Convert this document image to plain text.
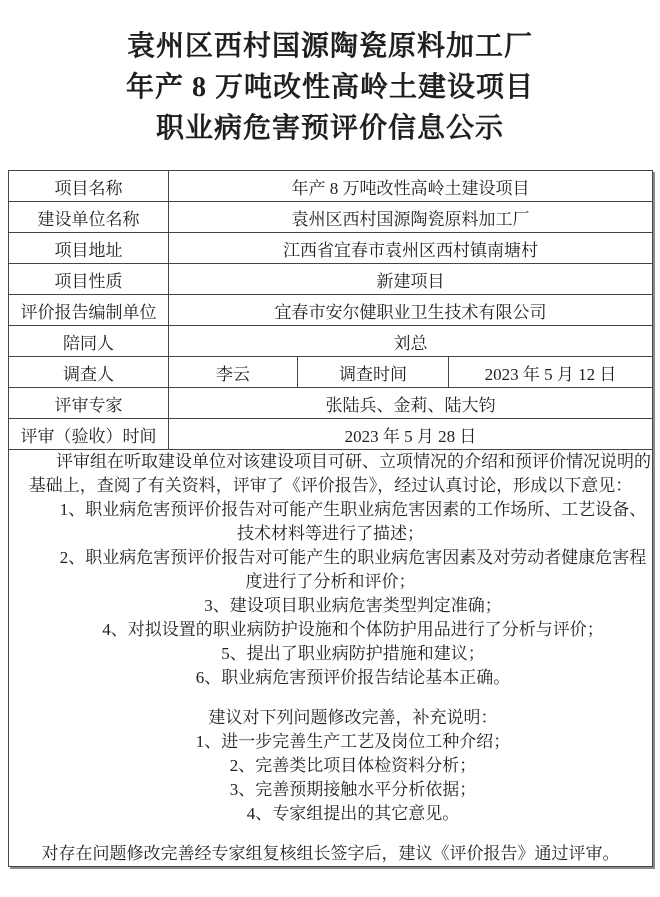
袁州区西村国源陶瓷原料加工厂
年产 8 万吨改性高岭土建设项目
职业病危害预评价信息公示
项目名称	年产 8 万吨改性高岭土建设项目		
建设单位名称	袁州区西村国源陶瓷原料加工厂		
项目地址	江西省宜春市袁州区西村镇南塘村		
项目性质	新建项目		
评价报告编制单位	宜春市安尔健职业卫生技术有限公司		
陪同人	刘总		
调查人	李云	调查时间	2023 年 5 月 12 日
评审专家	张陆兵、金莉、陆大钧		
评审（验收）时间	2023 年 5 月 28 日		

评审组在听取建设单位对该建设项目可研、立项情况的介绍和预评价情况说明的
基础上，查阅了有关资料，评审了《评价报告》，经过认真讨论，形成以下意见：
1、职业病危害预评价报告对可能产生职业病危害因素的工作场所、工艺设备、
技术材料等进行了描述；
2、职业病危害预评价报告对可能产生的职业病危害因素及对劳动者健康危害程
度进行了分析和评价；
3、建设项目职业病危害类型判定准确；
4、对拟设置的职业病防护设施和个体防护用品进行了分析与评价；
5、提出了职业病防护措施和建议；
6、职业病危害预评价报告结论基本正确。
建议对下列问题修改完善，补充说明：
1、进一步完善生产工艺及岗位工种介绍；
2、完善类比项目体检资料分析；
3、完善预期接触水平分析依据；
4、专家组提出的其它意见。
对存在问题修改完善经专家组复核组长签字后，建议《评价报告》通过评审。
